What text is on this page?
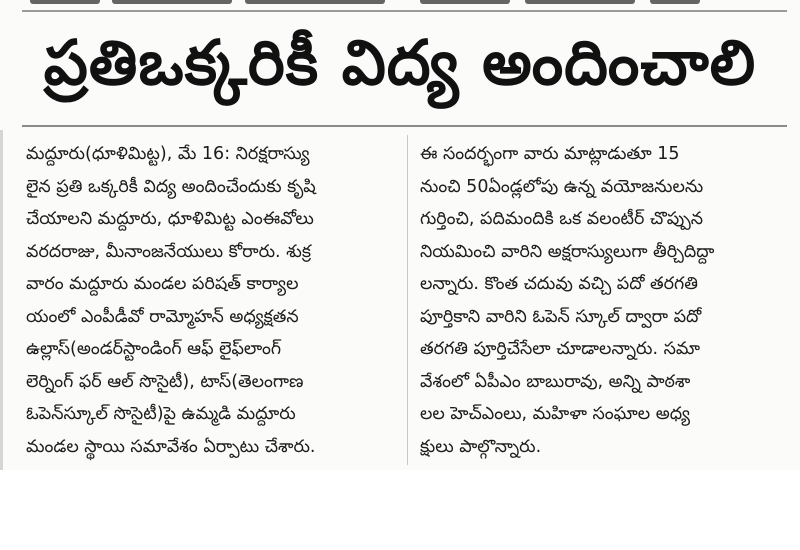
ప్రతిఒక్కరికీ విద్య అందించాలి
మద్దూరు(ధూళిమిట్ట), మే 16: నిరక్షరాస్యు
లైన ప్రతి ఒక్కరికీ విద్య అందించేందుకు కృషి
చేయాలని మద్దూరు, ధూళిమిట్ట ఎంఈవోలు
వరదరాజు, మీనాంజనేయులు కోరారు. శుక్ర
వారం మద్దూరు మండల పరిషత్ కార్యాల
యంలో ఎంపీడీవో రామ్మోహన్ అధ్యక్షతన
ఉల్లాస్(అండర్‌స్టాండింగ్ ఆఫ్ లైఫ్‌లాంగ్
లెర్నింగ్ ఫర్ ఆల్ సొసైటీ), టాస్(తెలంగాణ
ఓపెన్‌స్కూల్ సొసైటీ)పై ఉమ్మడి మద్దూరు
మండల స్థాయి సమావేశం ఏర్పాటు చేశారు.
ఈ సందర్భంగా వారు మాట్లాడుతూ 15
నుంచి 50ఏండ్లలోపు ఉన్న వయోజనులను
గుర్తించి, పదిమందికి ఒక వలంటీర్ చొప్పున
నియమించి వారిని అక్షరాస్యులుగా తీర్చిదిద్దా
లన్నారు. కొంత చదువు వచ్చి పదో తరగతి
పూర్తికాని వారిని ఓపెన్ స్కూల్ ద్వారా పదో
తరగతి పూర్తిచేసేలా చూడాలన్నారు. సమా
వేశంలో ఏపీఎం బాబురావు, అన్ని పాఠశా
లల హెచ్‌ఎంలు, మహిళా సంఘాల అధ్య
క్షులు పాల్గొన్నారు.
